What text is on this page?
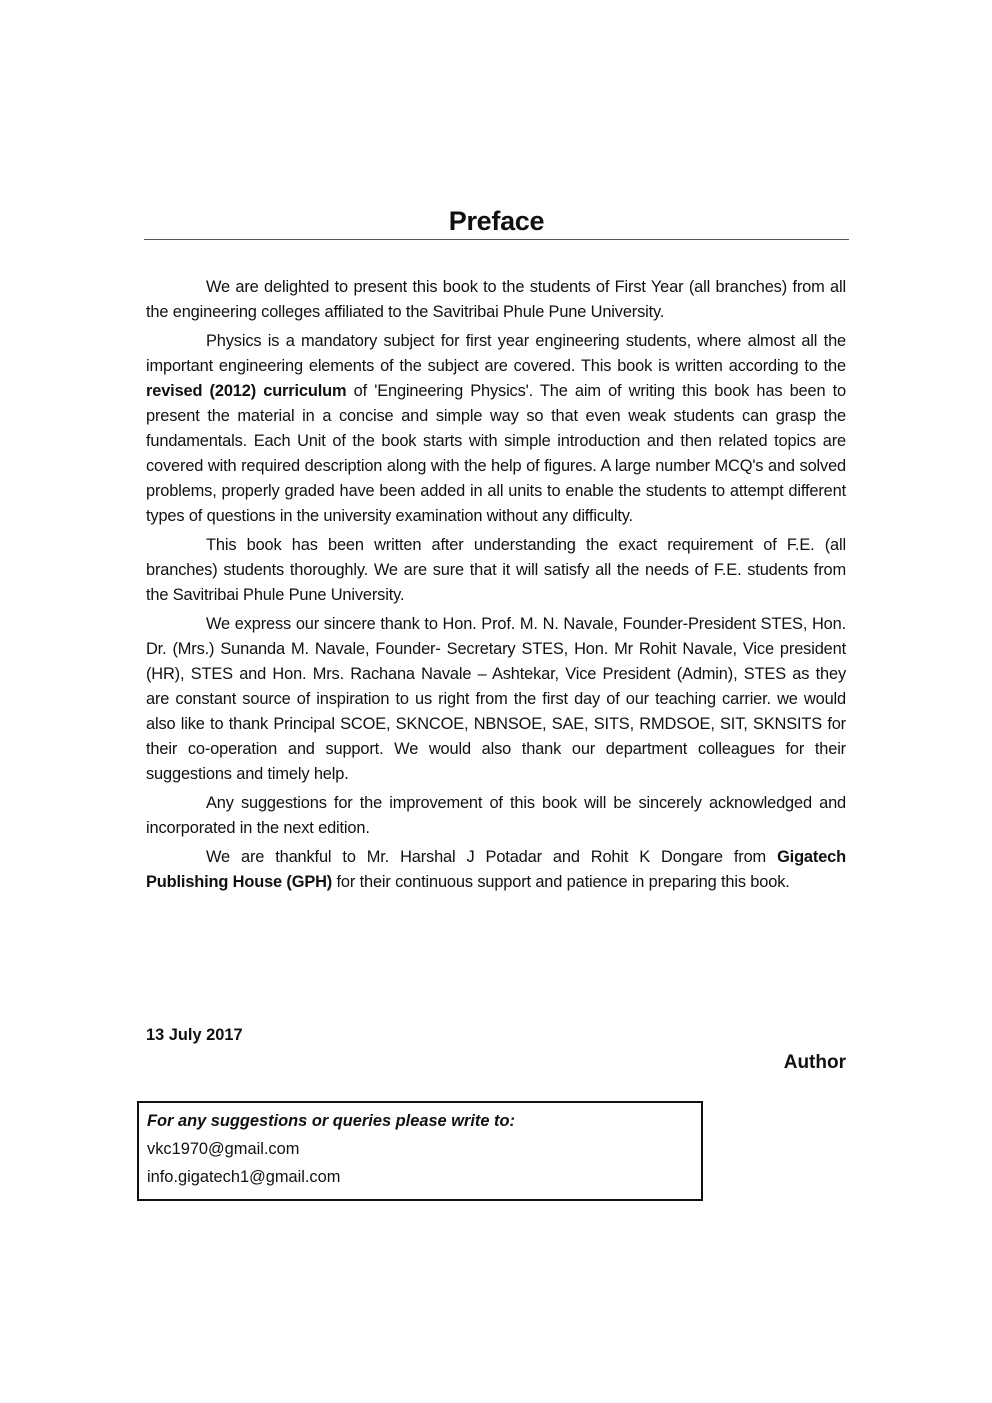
Preface

We are delighted to present this book to the students of First Year (all branches) from all the engineering colleges affiliated to the Savitribai Phule Pune University.

Physics is a mandatory subject for first year engineering students, where almost all the important engineering elements of the subject are covered. This book is written according to the revised (2012) curriculum of 'Engineering Physics'. The aim of writing this book has been to present the material in a concise and simple way so that even weak students can grasp the fundamentals. Each Unit of the book starts with simple introduction and then related topics are covered with required description along with the help of figures. A large number MCQ's and solved problems, properly graded have been added in all units to enable the students to attempt different types of questions in the university examination without any difficulty.

This book has been written after understanding the exact requirement of F.E. (all branches) students thoroughly. We are sure that it will satisfy all the needs of F.E. students from the Savitribai Phule Pune University.

We express our sincere thank to Hon. Prof. M. N. Navale, Founder-President STES, Hon. Dr. (Mrs.) Sunanda M. Navale, Founder- Secretary STES, Hon. Mr Rohit Navale, Vice president (HR), STES and Hon. Mrs. Rachana Navale – Ashtekar, Vice President (Admin), STES as they are constant source of inspiration to us right from the first day of our teaching carrier. we would also like to thank Principal SCOE, SKNCOE, NBNSOE, SAE, SITS, RMDSOE, SIT, SKNSITS for their co-operation and support. We would also thank our department colleagues for their suggestions and timely help.

Any suggestions for the improvement of this book will be sincerely acknowledged and incorporated in the next edition.

We are thankful to Mr. Harshal J Potadar and Rohit K Dongare from Gigatech Publishing House (GPH) for their continuous support and patience in preparing this book.

13 July 2017
Author
For any suggestions or queries please write to:
vkc1970@gmail.com
info.gigatech1@gmail.com
